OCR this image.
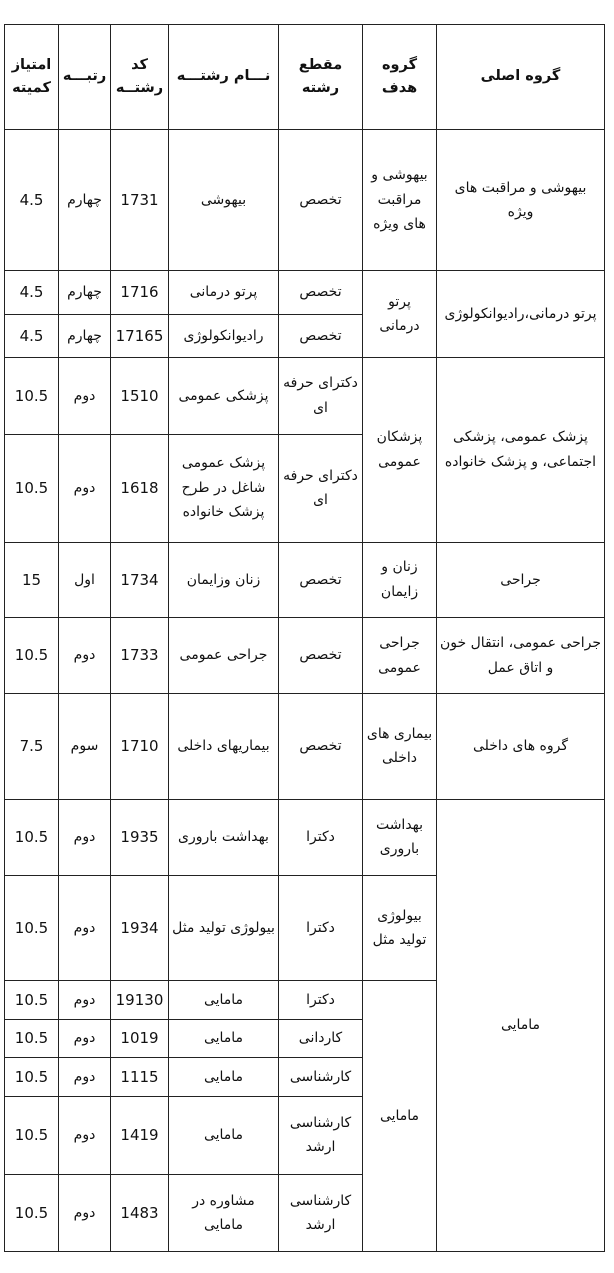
گروه اصلی	گروه هدف	مقطع رشته	نـــام رشتـــه	کد رشتــه	رتبـــه	امتیاز کمیته
بیهوشی و مراقبت های ویژه	بیهوشی و مراقبت های ویژه	تخصص	بیهوشی	1731	چهارم	4.5
پرتو درمانی،رادیوانکولوژی	پرتو درمانی	تخصص	پرتو درمانی	1716	چهارم	4.5
		تخصص	رادیوانکولوژی	17165	چهارم	4.5
پزشک عمومی، پزشکی اجتماعی، و پزشک خانواده	پزشکان عمومی	دکترای حرفه ای	پزشکی عمومی	1510	دوم	10.5
		دکترای حرفه ای	پزشک عمومی شاغل در طرح پزشک خانواده	1618	دوم	10.5
جراحی	زنان و زایمان	تخصص	زنان وزایمان	1734	اول	15
جراحی عمومی، انتقال خون و اتاق عمل	جراحی عمومی	تخصص	جراحی عمومی	1733	دوم	10.5
گروه های داخلی	بیماری های داخلی	تخصص	بیماریهای داخلی	1710	سوم	7.5
مامایی	بهداشت باروری	دکترا	بهداشت باروری	1935	دوم	10.5
	بیولوژی تولید مثل	دکترا	بیولوژی تولید مثل	1934	دوم	10.5
	مامایی	دکترا	مامایی	19130	دوم	10.5
		کاردانی	مامایی	1019	دوم	10.5
		کارشناسی	مامایی	1115	دوم	10.5
		کارشناسی ارشد	مامایی	1419	دوم	10.5
		کارشناسی ارشد	مشاوره در مامایی	1483	دوم	10.5
